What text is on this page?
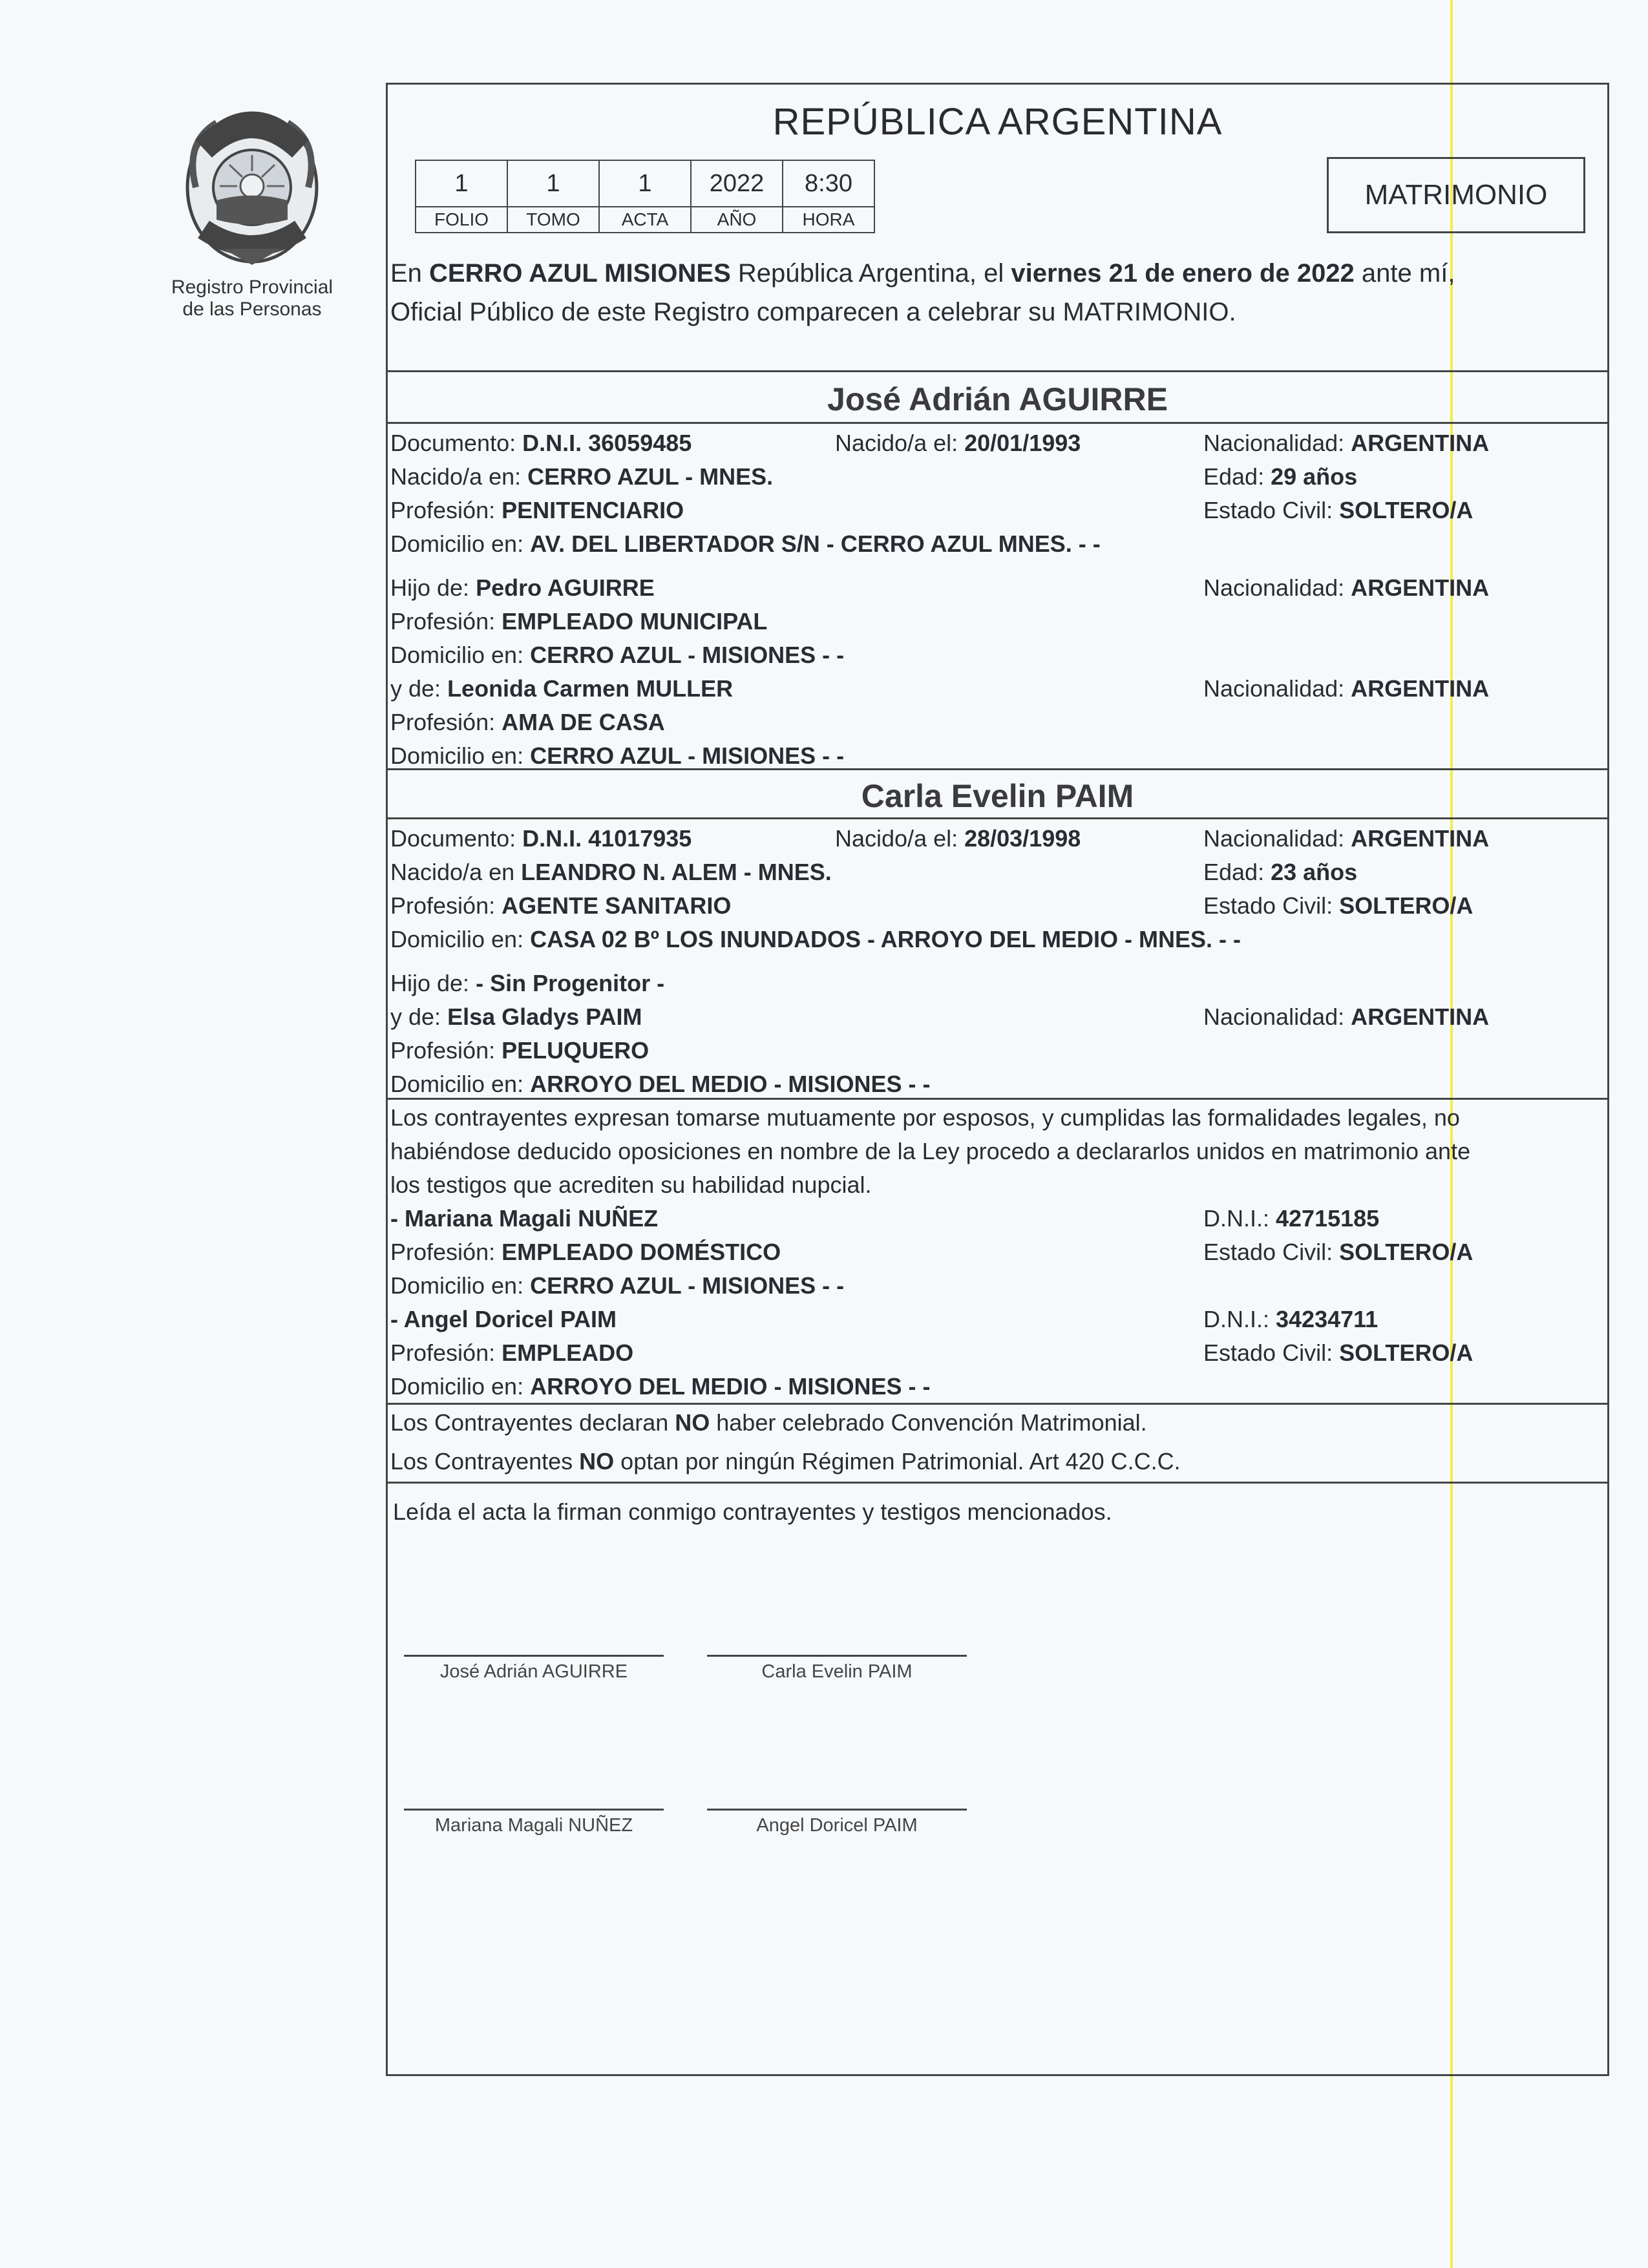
Registro Provincial
de las Personas
REPÚBLICA ARGENTINA
1	1	1	2022	8:30
FOLIO	TOMO	ACTA	AÑO	HORA
MATRIMONIO
En CERRO AZUL MISIONES República Argentina, el viernes 21 de enero de 2022 ante mí,
Oficial Público de este Registro comparecen a celebrar su MATRIMONIO.
José Adrián AGUIRRE
Documento: D.N.I. 36059485	Nacido/a el: 20/01/1993	Nacionalidad: ARGENTINA
Nacido/a en: CERRO AZUL - MNES.	Edad: 29 años
Profesión: PENITENCIARIO	Estado Civil: SOLTERO/A
Domicilio en: AV. DEL LIBERTADOR S/N - CERRO AZUL MNES. - -
Hijo de: Pedro AGUIRRE	Nacionalidad: ARGENTINA
Profesión: EMPLEADO MUNICIPAL
Domicilio en: CERRO AZUL - MISIONES - -
y de: Leonida Carmen MULLER	Nacionalidad: ARGENTINA
Profesión: AMA DE CASA
Domicilio en: CERRO AZUL - MISIONES - -
Carla Evelin PAIM
Documento: D.N.I. 41017935	Nacido/a el: 28/03/1998	Nacionalidad: ARGENTINA
Nacido/a en LEANDRO N. ALEM - MNES.	Edad: 23 años
Profesión: AGENTE SANITARIO	Estado Civil: SOLTERO/A
Domicilio en: CASA 02 Bº LOS INUNDADOS - ARROYO DEL MEDIO - MNES. - -
Hijo de: - Sin Progenitor -
y de: Elsa Gladys PAIM	Nacionalidad: ARGENTINA
Profesión: PELUQUERO
Domicilio en: ARROYO DEL MEDIO - MISIONES - -
Los contrayentes expresan tomarse mutuamente por esposos, y cumplidas las formalidades legales, no
habiéndose deducido oposiciones en nombre de la Ley procedo a declararlos unidos en matrimonio ante
los testigos que acrediten su habilidad nupcial.
- Mariana Magali NUÑEZ	D.N.I.: 42715185
Profesión: EMPLEADO DOMÉSTICO	Estado Civil: SOLTERO/A
Domicilio en: CERRO AZUL - MISIONES - -
- Angel Doricel PAIM	D.N.I.: 34234711
Profesión: EMPLEADO	Estado Civil: SOLTERO/A
Domicilio en: ARROYO DEL MEDIO - MISIONES - -
Los Contrayentes declaran NO haber celebrado Convención Matrimonial.
Los Contrayentes NO optan por ningún Régimen Patrimonial. Art 420 C.C.C.
Leída el acta la firman conmigo contrayentes y testigos mencionados.
José Adrián AGUIRRE	Carla Evelin PAIM
Mariana Magali NUÑEZ	Angel Doricel PAIM
